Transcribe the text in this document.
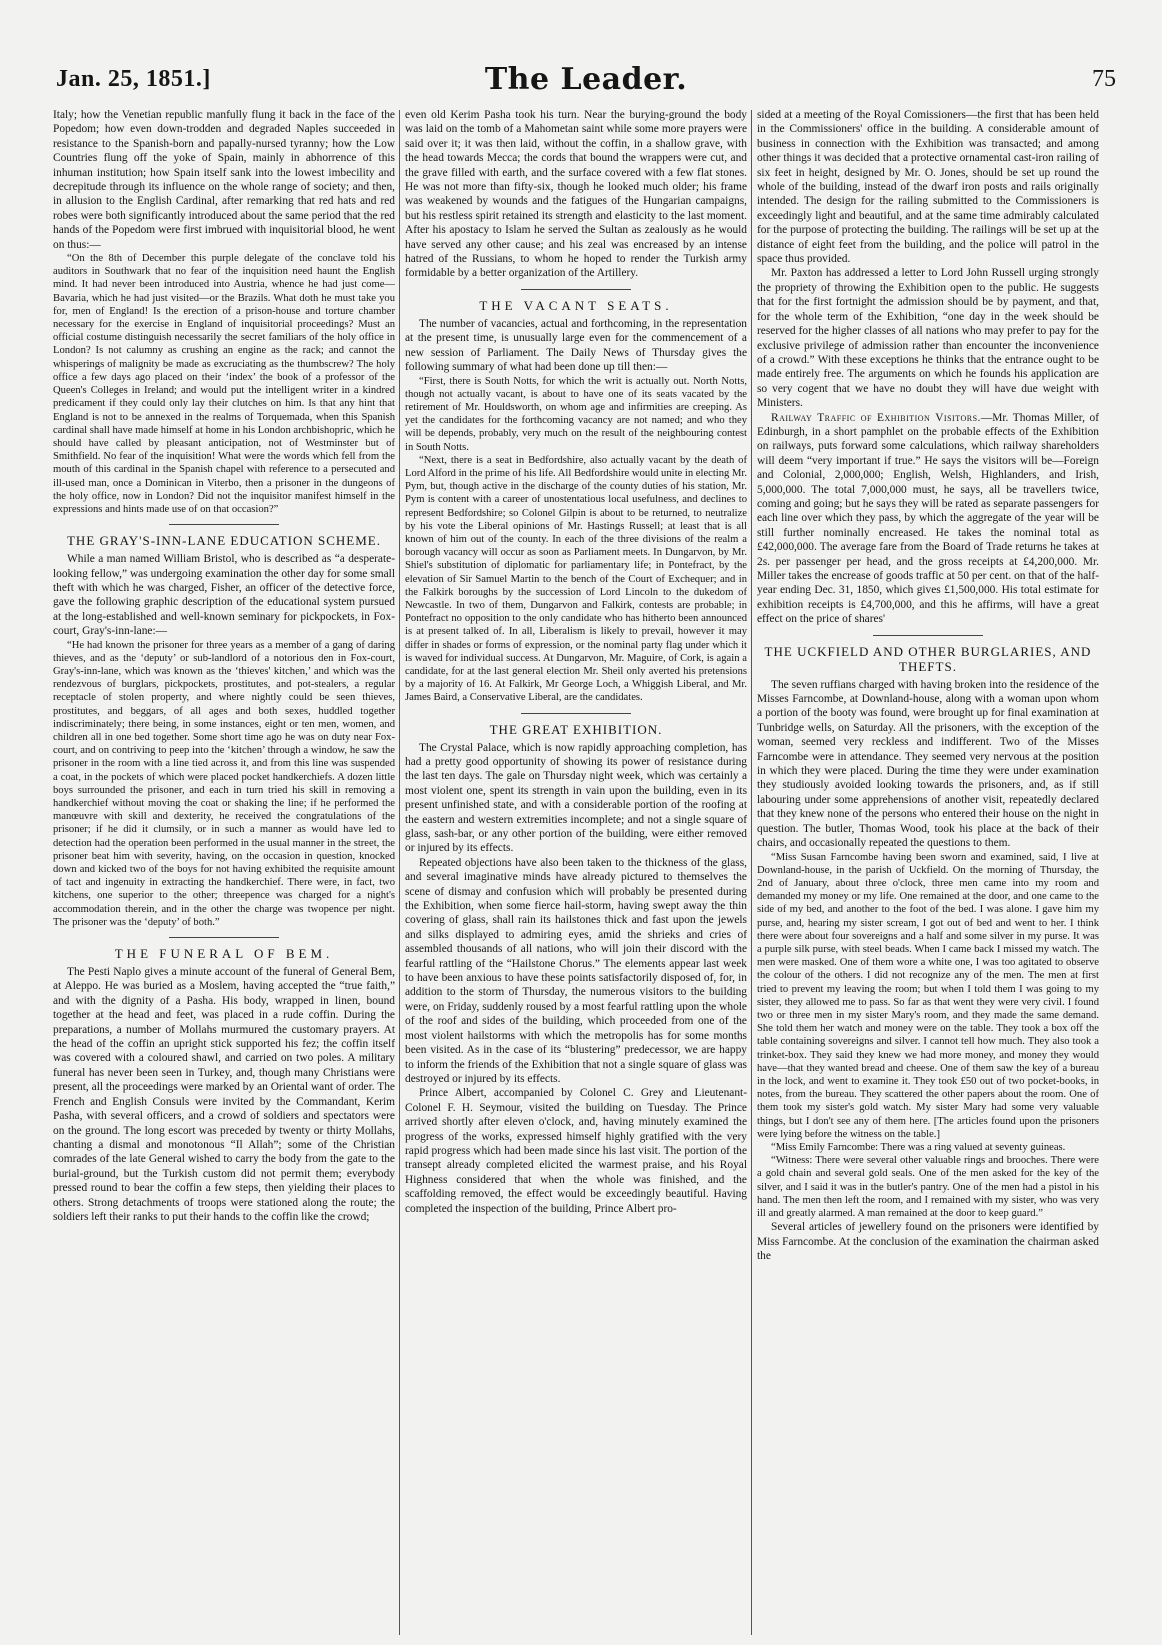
Jan. 25, 1851.]	The Leader.	75

Italy; how the Venetian republic manfully flung it back in the face of the Popedom; how even down-trodden and degraded Naples succeeded in resistance to the Spanish-born and papally-nursed tyranny; how the Low Countries flung off the yoke of Spain, mainly in abhorrence of this inhuman institution; how Spain itself sank into the lowest imbecility and decrepitude through its influence on the whole range of society; and then, in allusion to the English Cardinal, after remarking that red hats and red robes were both significantly introduced about the same period that the red hands of the Popedom were first imbrued with inquisitorial blood, he went on thus:—

“On the 8th of December this purple delegate of the conclave told his auditors in Southwark that no fear of the inquisition need haunt the English mind. It had never been introduced into Austria, whence he had just come—Bavaria, which he had just visited—or the Brazils. What doth he must take you for, men of England! Is the erection of a prison-house and torture chamber necessary for the exercise in England of inquisitorial proceedings? Must an official costume distinguish necessarily the secret familiars of the holy office in London? Is not calumny as crushing an engine as the rack; and cannot the whisperings of malignity be made as excruciating as the thumbscrew? The holy office a few days ago placed on their ‘index’ the book of a professor of the Queen's Colleges in Ireland; and would put the intelligent writer in a kindred predicament if they could only lay their clutches on him. Is that any hint that England is not to be annexed in the realms of Torquemada, when this Spanish cardinal shall have made himself at home in his London archbishopric, which he should have called by pleasant anticipation, not of Westminster but of Smithfield. No fear of the inquisition! What were the words which fell from the mouth of this cardinal in the Spanish chapel with reference to a persecuted and ill-used man, once a Dominican in Viterbo, then a prisoner in the dungeons of the holy office, now in London? Did not the inquisitor manifest himself in the expressions and hints made use of on that occasion?”

THE GRAY'S-INN-LANE EDUCATION SCHEME.

While a man named William Bristol, who is described as “a desperate-looking fellow,” was undergoing examination the other day for some small theft with which he was charged, Fisher, an officer of the detective force, gave the following graphic description of the educational system pursued at the long-established and well-known seminary for pickpockets, in Fox-court, Gray's-inn-lane:—

“He had known the prisoner for three years as a member of a gang of daring thieves, and as the ‘deputy’ or sub-landlord of a notorious den in Fox-court, Gray's-inn-lane, which was known as the ‘thieves' kitchen,’ and which was the rendezvous of burglars, pickpockets, prostitutes, and pot-stealers, a regular receptacle of stolen property, and where nightly could be seen thieves, prostitutes, and beggars, of all ages and both sexes, huddled together indiscriminately; there being, in some instances, eight or ten men, women, and children all in one bed together. Some short time ago he was on duty near Fox-court, and on contriving to peep into the ‘kitchen’ through a window, he saw the prisoner in the room with a line tied across it, and from this line was suspended a coat, in the pockets of which were placed pocket handkerchiefs. A dozen little boys surrounded the prisoner, and each in turn tried his skill in removing a handkerchief without moving the coat or shaking the line; if he performed the manœuvre with skill and dexterity, he received the congratulations of the prisoner; if he did it clumsily, or in such a manner as would have led to detection had the operation been performed in the usual manner in the street, the prisoner beat him with severity, having, on the occasion in question, knocked down and kicked two of the boys for not having exhibited the requisite amount of tact and ingenuity in extracting the handkerchief. There were, in fact, two kitchens, one superior to the other; threepence was charged for a night's accommodation therein, and in the other the charge was twopence per night. The prisoner was the ‘deputy’ of both.”

THE FUNERAL OF BEM.

The Pesti Naplo gives a minute account of the funeral of General Bem, at Aleppo. He was buried as a Moslem, having accepted the “true faith,” and with the dignity of a Pasha. His body, wrapped in linen, bound together at the head and feet, was placed in a rude coffin. During the preparations, a number of Mollahs murmured the customary prayers. At the head of the coffin an upright stick supported his fez; the coffin itself was covered with a coloured shawl, and carried on two poles. A military funeral has never been seen in Turkey, and, though many Christians were present, all the proceedings were marked by an Oriental want of order. The French and English Consuls were invited by the Commandant, Kerim Pasha, with several officers, and a crowd of soldiers and spectators were on the ground. The long escort was preceded by twenty or thirty Mollahs, chanting a dismal and monotonous “Il Allah”; some of the Christian comrades of the late General wished to carry the body from the gate to the burial-ground, but the Turkish custom did not permit them; everybody pressed round to bear the coffin a few steps, then yielding their places to others. Strong detachments of troops were stationed along the route; the soldiers left their ranks to put their hands to the coffin like the crowd;

even old Kerim Pasha took his turn. Near the burying-ground the body was laid on the tomb of a Mahometan saint while some more prayers were said over it; it was then laid, without the coffin, in a shallow grave, with the head towards Mecca; the cords that bound the wrappers were cut, and the grave filled with earth, and the surface covered with a few flat stones. He was not more than fifty-six, though he looked much older; his frame was weakened by wounds and the fatigues of the Hungarian campaigns, but his restless spirit retained its strength and elasticity to the last moment. After his apostacy to Islam he served the Sultan as zealously as he would have served any other cause; and his zeal was encreased by an intense hatred of the Russians, to whom he hoped to render the Turkish army formidable by a better organization of the Artillery.

THE VACANT SEATS.

The number of vacancies, actual and forthcoming, in the representation at the present time, is unusually large even for the commencement of a new session of Parliament. The Daily News of Thursday gives the following summary of what had been done up till then:—

“First, there is South Notts, for which the writ is actually out. North Notts, though not actually vacant, is about to have one of its seats vacated by the retirement of Mr. Houldsworth, on whom age and infirmities are creeping. As yet the candidates for the forthcoming vacancy are not named; and who they will be depends, probably, very much on the result of the neighbouring contest in South Notts.

“Next, there is a seat in Bedfordshire, also actually vacant by the death of Lord Alford in the prime of his life. All Bedfordshire would unite in electing Mr. Pym, but, though active in the discharge of the county duties of his station, Mr. Pym is content with a career of unostentatious local usefulness, and declines to represent Bedfordshire; so Colonel Gilpin is about to be returned, to neutralize by his vote the Liberal opinions of Mr. Hastings Russell; at least that is all known of him out of the county. In each of the three divisions of the realm a borough vacancy will occur as soon as Parliament meets. In Dungarvon, by Mr. Shiel's substitution of diplomatic for parliamentary life; in Pontefract, by the elevation of Sir Samuel Martin to the bench of the Court of Exchequer; and in the Falkirk boroughs by the succession of Lord Lincoln to the dukedom of Newcastle. In two of them, Dungarvon and Falkirk, contests are probable; in Pontefract no opposition to the only candidate who has hitherto been announced is at present talked of. In all, Liberalism is likely to prevail, however it may differ in shades or forms of expression, or the nominal party flag under which it is waved for individual success. At Dungarvon, Mr. Maguire, of Cork, is again a candidate, for at the last general election Mr. Sheil only averted his pretensions by a majority of 16. At Falkirk, Mr George Loch, a Whiggish Liberal, and Mr. James Baird, a Conservative Liberal, are the candidates.

THE GREAT EXHIBITION.

The Crystal Palace, which is now rapidly approaching completion, has had a pretty good opportunity of showing its power of resistance during the last ten days. The gale on Thursday night week, which was certainly a most violent one, spent its strength in vain upon the building, even in its present unfinished state, and with a considerable portion of the roofing at the eastern and western extremities incomplete; and not a single square of glass, sash-bar, or any other portion of the building, were either removed or injured by its effects.

Repeated objections have also been taken to the thickness of the glass, and several imaginative minds have already pictured to themselves the scene of dismay and confusion which will probably be presented during the Exhibition, when some fierce hail-storm, having swept away the thin covering of glass, shall rain its hailstones thick and fast upon the jewels and silks displayed to admiring eyes, amid the shrieks and cries of assembled thousands of all nations, who will join their discord with the fearful rattling of the “Hailstone Chorus.” The elements appear last week to have been anxious to have these points satisfactorily disposed of, for, in addition to the storm of Thursday, the numerous visitors to the building were, on Friday, suddenly roused by a most fearful rattling upon the whole of the roof and sides of the building, which proceeded from one of the most violent hailstorms with which the metropolis has for some months been visited. As in the case of its “blustering” predecessor, we are happy to inform the friends of the Exhibition that not a single square of glass was destroyed or injured by its effects.

Prince Albert, accompanied by Colonel C. Grey and Lieutenant-Colonel F. H. Seymour, visited the building on Tuesday. The Prince arrived shortly after eleven o'clock, and, having minutely examined the progress of the works, expressed himself highly gratified with the very rapid progress which had been made since his last visit. The portion of the transept already completed elicited the warmest praise, and his Royal Highness considered that when the whole was finished, and the scaffolding removed, the effect would be exceedingly beautiful. Having completed the inspection of the building, Prince Albert pro-

sided at a meeting of the Royal Comissioners—the first that has been held in the Commissioners' office in the building. A considerable amount of business in connection with the Exhibition was transacted; and among other things it was decided that a protective ornamental cast-iron railing of six feet in height, designed by Mr. O. Jones, should be set up round the whole of the building, instead of the dwarf iron posts and rails originally intended. The design for the railing submitted to the Commissioners is exceedingly light and beautiful, and at the same time admirably calculated for the purpose of protecting the building. The railings will be set up at the distance of eight feet from the building, and the police will patrol in the space thus provided.

Mr. Paxton has addressed a letter to Lord John Russell urging strongly the propriety of throwing the Exhibition open to the public. He suggests that for the first fortnight the admission should be by payment, and that, for the whole term of the Exhibition, “one day in the week should be reserved for the higher classes of all nations who may prefer to pay for the exclusive privilege of admission rather than encounter the inconvenience of a crowd.” With these exceptions he thinks that the entrance ought to be made entirely free. The arguments on which he founds his application are so very cogent that we have no doubt they will have due weight with Ministers.

Railway Traffic of Exhibition Visitors.—Mr. Thomas Miller, of Edinburgh, in a short pamphlet on the probable effects of the Exhibition on railways, puts forward some calculations, which railway shareholders will deem “very important if true.” He says the visitors will be—Foreign and Colonial, 2,000,000; English, Welsh, Highlanders, and Irish, 5,000,000. The total 7,000,000 must, he says, all be travellers twice, coming and going; but he says they will be rated as separate passengers for each line over which they pass, by which the aggregate of the year will be still further nominally encreased. He takes the nominal total as £42,000,000. The average fare from the Board of Trade returns he takes at 2s. per passenger per head, and the gross receipts at £4,200,000. Mr. Miller takes the encrease of goods traffic at 50 per cent. on that of the half-year ending Dec. 31, 1850, which gives £1,500,000. His total estimate for exhibition receipts is £4,700,000, and this he affirms, will have a great effect on the price of shares'

THE UCKFIELD AND OTHER BURGLARIES, AND THEFTS.

The seven ruffians charged with having broken into the residence of the Misses Farncombe, at Downland-house, along with a woman upon whom a portion of the booty was found, were brought up for final examination at Tunbridge wells, on Saturday. All the prisoners, with the exception of the woman, seemed very reckless and indifferent. Two of the Misses Farncombe were in attendance. They seemed very nervous at the position in which they were placed. During the time they were under examination they studiously avoided looking towards the prisoners, and, as if still labouring under some apprehensions of another visit, repeatedly declared that they knew none of the persons who entered their house on the night in question. The butler, Thomas Wood, took his place at the back of their chairs, and occasionally repeated the questions to them.

“Miss Susan Farncombe having been sworn and examined, said, I live at Downland-house, in the parish of Uckfield. On the morning of Thursday, the 2nd of January, about three o'clock, three men came into my room and demanded my money or my life. One remained at the door, and one came to the side of my bed, and another to the foot of the bed. I was alone. I gave him my purse, and, hearing my sister scream, I got out of bed and went to her. I think there were about four sovereigns and a half and some silver in my purse. It was a purple silk purse, with steel beads. When I came back I missed my watch. The men were masked. One of them wore a white one, I was too agitated to observe the colour of the others. I did not recognize any of the men. The men at first tried to prevent my leaving the room; but when I told them I was going to my sister, they allowed me to pass. So far as that went they were very civil. I found two or three men in my sister Mary's room, and they made the same demand. She told them her watch and money were on the table. They took a box off the table containing sovereigns and silver. I cannot tell how much. They also took a trinket-box. They said they knew we had more money, and money they would have—that they wanted bread and cheese. One of them saw the key of a bureau in the lock, and went to examine it. They took £50 out of two pocket-books, in notes, from the bureau. They scattered the other papers about the room. One of them took my sister's gold watch. My sister Mary had some very valuable things, but I don't see any of them here. [The articles found upon the prisoners were lying before the witness on the table.]

“Miss Emily Farncombe: There was a ring valued at seventy guineas.

“Witness: There were several other valuable rings and brooches. There were a gold chain and several gold seals. One of the men asked for the key of the silver, and I said it was in the butler's pantry. One of the men had a pistol in his hand. The men then left the room, and I remained with my sister, who was very ill and greatly alarmed. A man remained at the door to keep guard.”

Several articles of jewellery found on the prisoners were identified by Miss Farncombe. At the conclusion of the examination the chairman asked the
